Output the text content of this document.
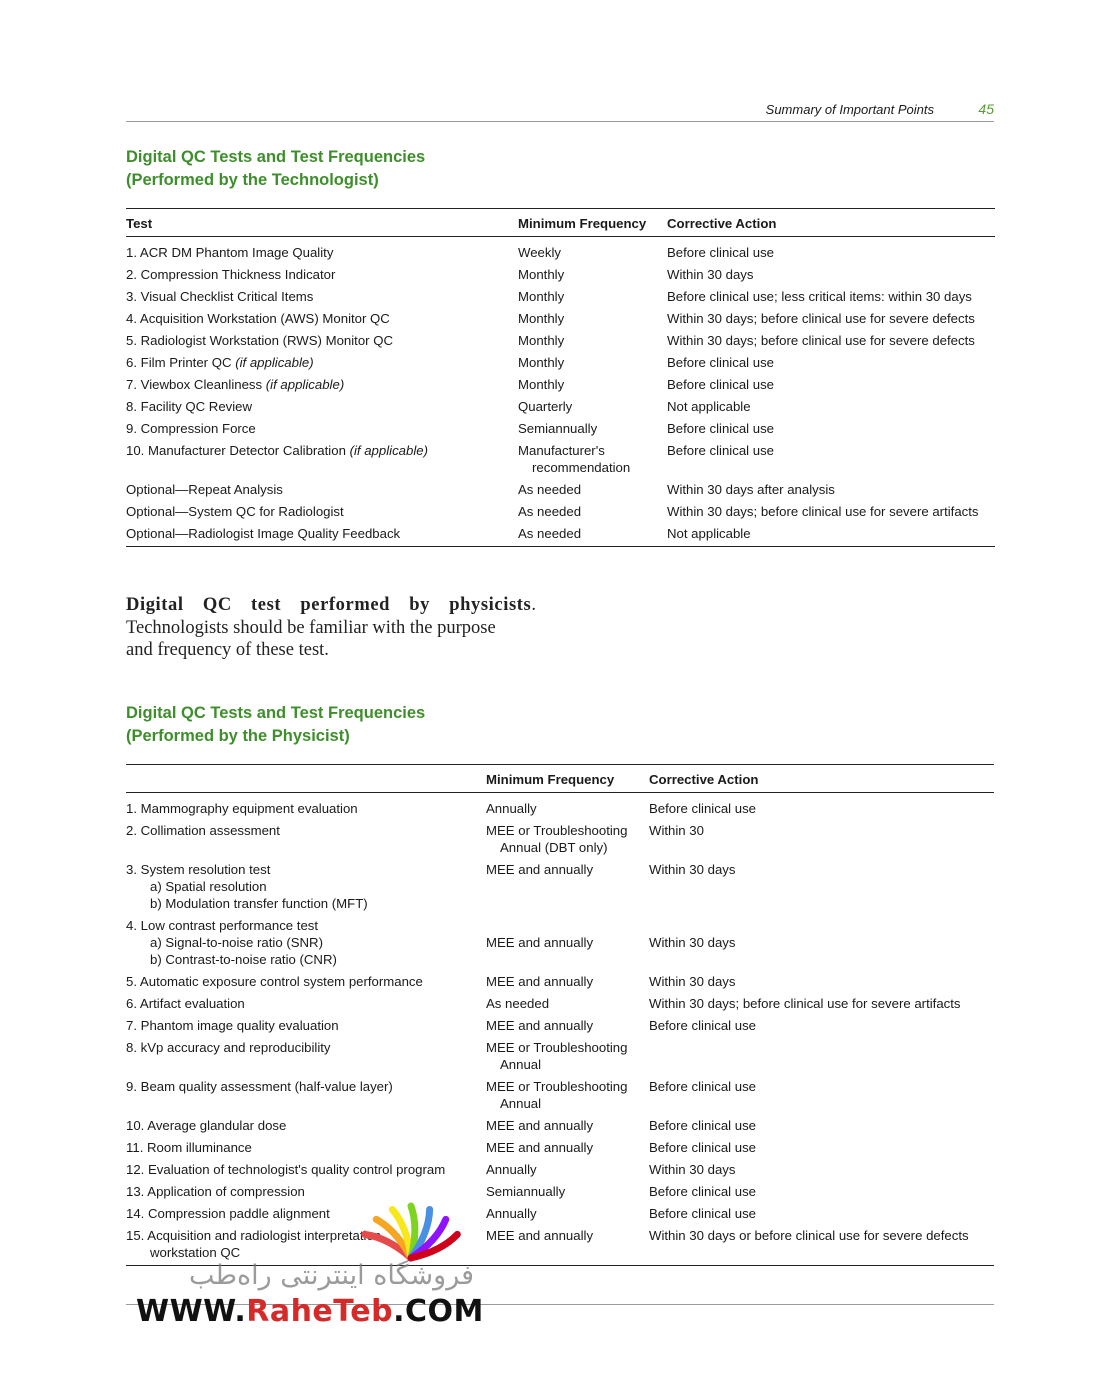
Summary of Important Points	45
Digital QC Tests and Test Frequencies
(Performed by the Technologist)
Test	Minimum Frequency	Corrective Action
1. ACR DM Phantom Image Quality	Weekly	Before clinical use
2. Compression Thickness Indicator	Monthly	Within 30 days
3. Visual Checklist Critical Items	Monthly	Before clinical use; less critical items: within 30 days
4. Acquisition Workstation (AWS) Monitor QC	Monthly	Within 30 days; before clinical use for severe defects
5. Radiologist Workstation (RWS) Monitor QC	Monthly	Within 30 days; before clinical use for severe defects
6. Film Printer QC (if applicable)	Monthly	Before clinical use
7. Viewbox Cleanliness (if applicable)	Monthly	Before clinical use
8. Facility QC Review	Quarterly	Not applicable
9. Compression Force	Semiannually	Before clinical use
10. Manufacturer Detector Calibration (if applicable)	Manufacturer's
recommendation	Before clinical use
Optional—Repeat Analysis	As needed	Within 30 days after analysis
Optional—System QC for Radiologist	As needed	Within 30 days; before clinical use for severe artifacts
Optional—Radiologist Image Quality Feedback	As needed	Not applicable
Digital QC test performed by physicists.
Technologists should be familiar with the purpose
and frequency of these test.
Digital QC Tests and Test Frequencies
(Performed by the Physicist)
	Minimum Frequency	Corrective Action
1. Mammography equipment evaluation	Annually	Before clinical use
2. Collimation assessment	MEE or Troubleshooting
Annual (DBT only)	Within 30
3. System resolution test
a) Spatial resolution
b) Modulation transfer function (MFT)	MEE and annually	Within 30 days
4. Low contrast performance test
a) Signal-to-noise ratio (SNR)
b) Contrast-to-noise ratio (CNR)	MEE and annually	Within 30 days
5. Automatic exposure control system performance	MEE and annually	Within 30 days
6. Artifact evaluation	As needed	Within 30 days; before clinical use for severe artifacts
7. Phantom image quality evaluation	MEE and annually	Before clinical use
8. kVp accuracy and reproducibility	MEE or Troubleshooting
Annual	

9. Beam quality assessment (half-value layer)	MEE or Troubleshooting
Annual	Before clinical use
10. Average glandular dose	MEE and annually	Before clinical use
11. Room illuminance	MEE and annually	Before clinical use
12. Evaluation of technologist's quality control program	Annually	Within 30 days
13. Application of compression	Semiannually	Before clinical use
14. Compression paddle alignment	Annually	Before clinical use
15. Acquisition and radiologist interpretation
workstation QC	MEE and annually	Within 30 days or before clinical use for severe defects
فروشگاه اینترنتی راه‌طب
WWW.RaheTeb.COM
